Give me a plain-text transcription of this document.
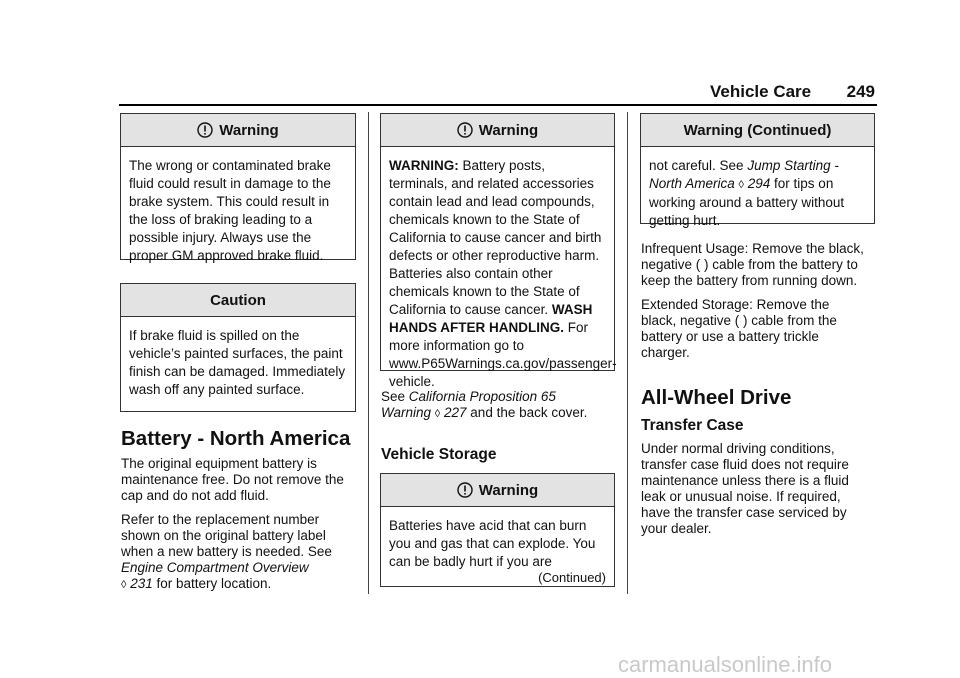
Vehicle Care 249
Warning
The wrong or contaminated brake fluid could result in damage to the brake system. This could result in the loss of braking leading to a possible injury. Always use the proper GM approved brake fluid.
Caution
If brake fluid is spilled on the vehicle’s painted surfaces, the paint finish can be damaged. Immediately wash off any painted surface.
Battery - North America

The original equipment battery is maintenance free. Do not remove the cap and do not add fluid.

Refer to the replacement number shown on the original battery label when a new battery is needed. See Engine Compartment Overview
◊ 231 for battery location.

Warning
WARNING: Battery posts, terminals, and related accessories contain lead and lead compounds, chemicals known to the State of California to cause cancer and birth defects or other reproductive harm. Batteries also contain other chemicals known to the State of California to cause cancer. WASH HANDS AFTER HANDLING. For more information go to www.P65Warnings.ca.gov/passenger-vehicle.
See California Proposition 65 Warning ◊ 227 and the back cover.
Vehicle Storage
Warning
Batteries have acid that can burn you and gas that can explode. You can be badly hurt if you are
(Continued)
Warning (Continued)
not careful. See Jump Starting - North America ◊ 294 for tips on working around a battery without getting hurt.

Infrequent Usage: Remove the black, negative ( ) cable from the battery to keep the battery from running down.

Extended Storage: Remove the black, negative ( ) cable from the battery or use a battery trickle charger.

All-Wheel Drive
Transfer Case

Under normal driving conditions, transfer case fluid does not require maintenance unless there is a fluid leak or unusual noise. If required, have the transfer case serviced by your dealer.

carmanualsonline.info
